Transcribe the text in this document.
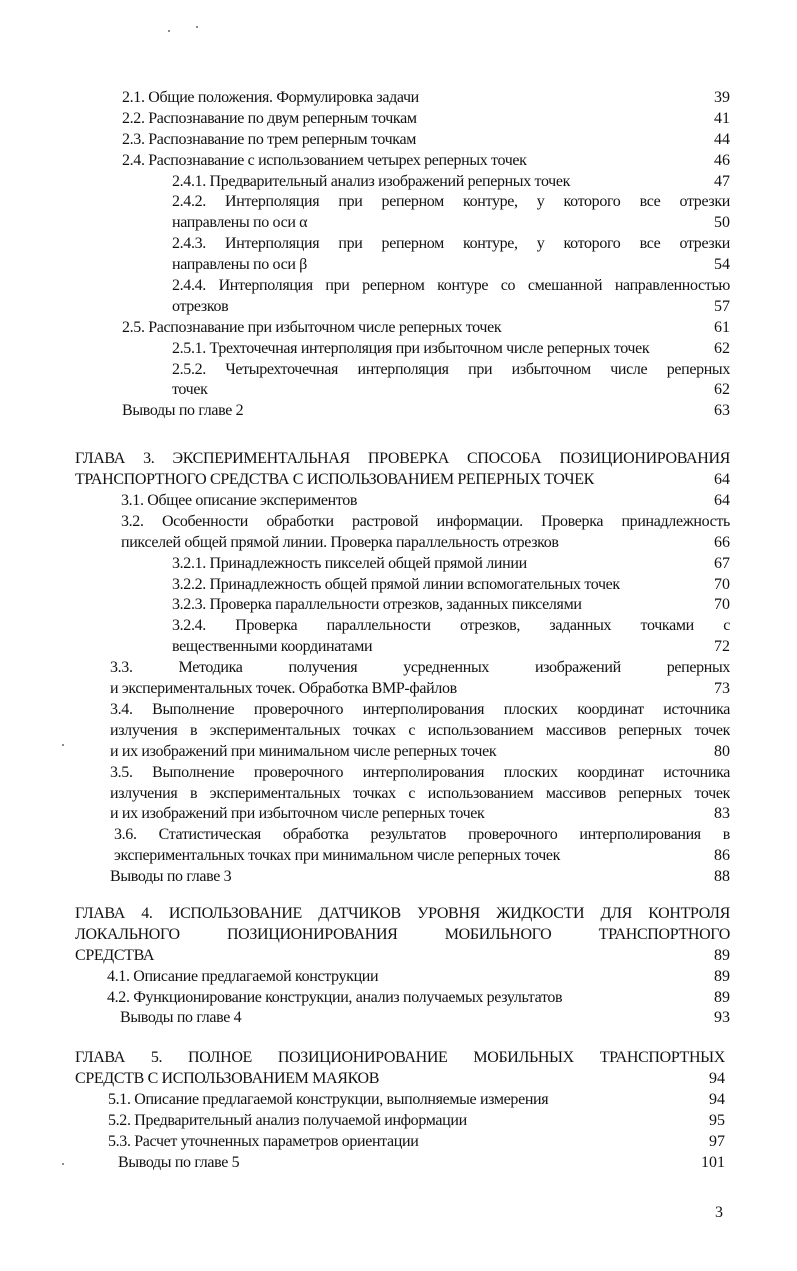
2.1. Общие положения. Формулировка задачи	39
2.2. Распознавание по двум реперным точкам	41
2.3. Распознавание по трем реперным точкам	44
2.4. Распознавание с использованием четырех реперных точек	46
2.4.1. Предварительный анализ изображений реперных точек	47
2.4.2. Интерполяция при реперном контуре, у которого все отрезки
направлены по оси α	50
2.4.3. Интерполяция при реперном контуре, у которого все отрезки
направлены по оси β	54
2.4.4. Интерполяция при реперном контуре со смешанной направленностью
отрезков	57
2.5. Распознавание при избыточном числе реперных точек	61
2.5.1. Трехточечная интерполяция при избыточном числе реперных точек	62
2.5.2. Четырехточечная интерполяция при избыточном числе реперных
точек	62
Выводы по главе 2	63
ГЛАВА 3. ЭКСПЕРИМЕНТАЛЬНАЯ ПРОВЕРКА СПОСОБА ПОЗИЦИОНИРОВАНИЯ
ТРАНСПОРТНОГО СРЕДСТВА С ИСПОЛЬЗОВАНИЕМ РЕПЕРНЫХ ТОЧЕК	64
3.1. Общее описание экспериментов	64
3.2. Особенности обработки растровой информации. Проверка принадлежность
пикселей общей прямой линии. Проверка параллельность отрезков	66
3.2.1. Принадлежность пикселей общей прямой линии	67
3.2.2. Принадлежность общей прямой линии вспомогательных точек	70
3.2.3. Проверка параллельности отрезков, заданных пикселями	70
3.2.4. Проверка параллельности отрезков, заданных точками с
вещественными координатами	72
3.3. Методика получения усредненных изображений реперных
и экспериментальных точек. Обработка BMP-файлов	73
3.4. Выполнение проверочного интерполирования плоских координат источника
излучения в экспериментальных точках с использованием массивов реперных точек
и их изображений при минимальном числе реперных точек	80
3.5. Выполнение проверочного интерполирования плоских координат источника
излучения в экспериментальных точках с использованием массивов реперных точек
и их изображений при избыточном числе реперных точек	83
3.6. Статистическая обработка результатов проверочного интерполирования в
экспериментальных точках при минимальном числе реперных точек	86
Выводы по главе 3	88
ГЛАВА 4. ИСПОЛЬЗОВАНИЕ ДАТЧИКОВ УРОВНЯ ЖИДКОСТИ ДЛЯ КОНТРОЛЯ
ЛОКАЛЬНОГО ПОЗИЦИОНИРОВАНИЯ МОБИЛЬНОГО ТРАНСПОРТНОГО
СРЕДСТВА	89
4.1. Описание предлагаемой конструкции	89
4.2. Функционирование конструкции, анализ получаемых результатов	89
Выводы по главе 4	93
ГЛАВА 5. ПОЛНОЕ ПОЗИЦИОНИРОВАНИЕ МОБИЛЬНЫХ ТРАНСПОРТНЫХ
СРЕДСТВ С ИСПОЛЬЗОВАНИЕМ МАЯКОВ	94
5.1. Описание предлагаемой конструкции, выполняемые измерения	94
5.2. Предварительный анализ получаемой информации	95
5.3. Расчет уточненных параметров ориентации	97
Выводы по главе 5	101
3
